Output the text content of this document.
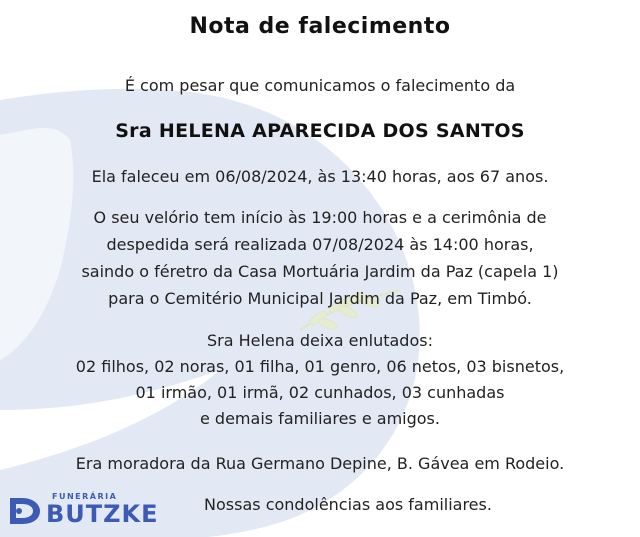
Nota de falecimento
É com pesar que comunicamos o falecimento da
Sra HELENA APARECIDA DOS SANTOS
Ela faleceu em 06/08/2024, às 13:40 horas, aos 67 anos.
O seu velório tem início às 19:00 horas e a cerimônia de
despedida será realizada 07/08/2024 às 14:00 horas,
saindo o féretro da Casa Mortuária Jardim da Paz (capela 1)
para o Cemitério Municipal Jardim da Paz, em Timbó.
Sra Helena deixa enlutados:
02 filhos, 02 noras, 01 filha, 01 genro, 06 netos, 03 bisnetos,
01 irmão, 01 irmã, 02 cunhados, 03 cunhadas
e demais familiares e amigos.
Era moradora da Rua Germano Depine, B. Gávea em Rodeio.
Nossas condolências aos familiares.
FUNERÁRIA
BUTZKE
